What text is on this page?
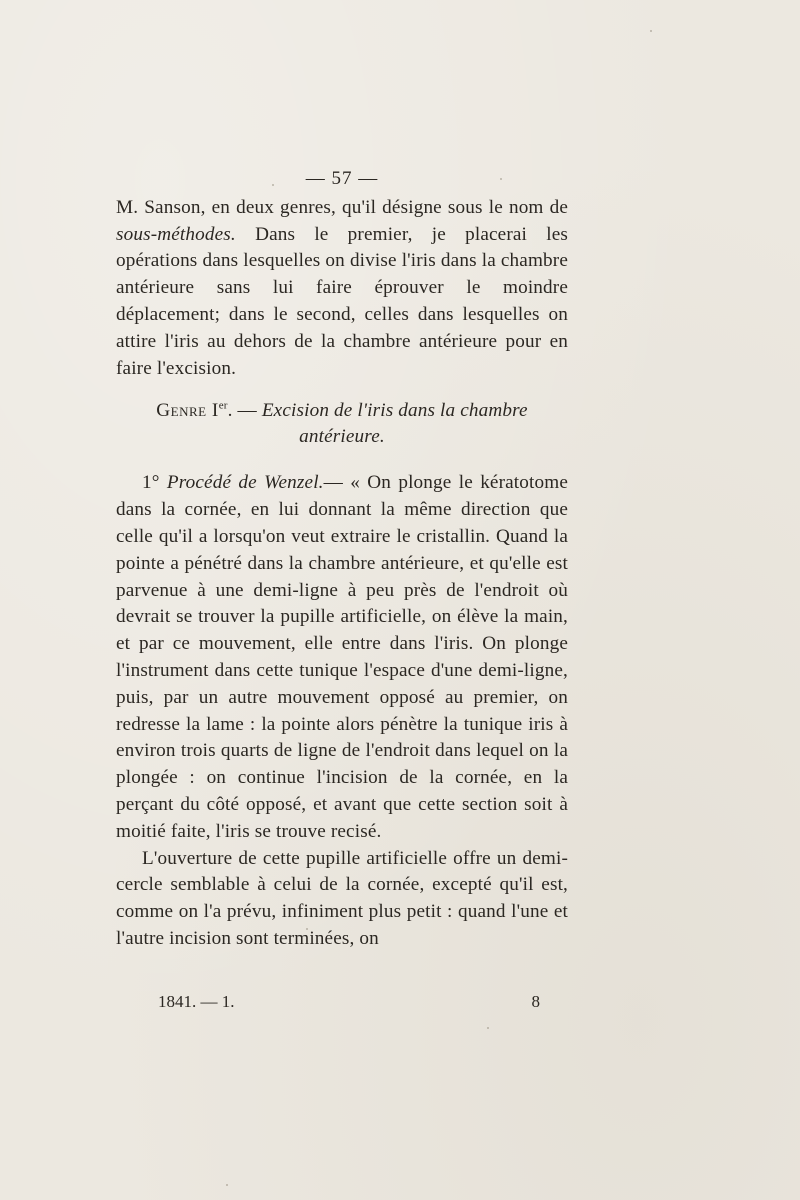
— 57 —

M. Sanson, en deux genres, qu'il désigne sous le nom de sous-méthodes. Dans le premier, je placerai les opérations dans lesquelles on divise l'iris dans la chambre antérieure sans lui faire éprouver le moindre déplacement; dans le second, celles dans lesquelles on attire l'iris au dehors de la chambre antérieure pour en faire l'excision.

Genre Ier. — Excision de l'iris dans la chambre antérieure.

1° Procédé de Wenzel.— « On plonge le kératotome dans la cornée, en lui donnant la même direction que celle qu'il a lorsqu'on veut extraire le cristallin. Quand la pointe a pénétré dans la chambre antérieure, et qu'elle est parvenue à une demi-ligne à peu près de l'endroit où devrait se trouver la pupille artificielle, on élève la main, et par ce mouvement, elle entre dans l'iris. On plonge l'instrument dans cette tunique l'espace d'une demi-ligne, puis, par un autre mouvement opposé au premier, on redresse la lame : la pointe alors pénètre la tunique iris à environ trois quarts de ligne de l'endroit dans lequel on la plongée : on continue l'incision de la cornée, en la perçant du côté opposé, et avant que cette section soit à moitié faite, l'iris se trouve recisé.

L'ouverture de cette pupille artificielle offre un demi-cercle semblable à celui de la cornée, excepté qu'il est, comme on l'a prévu, infiniment plus petit : quand l'une et l'autre incision sont terminées, on

1841. — 1.	8
